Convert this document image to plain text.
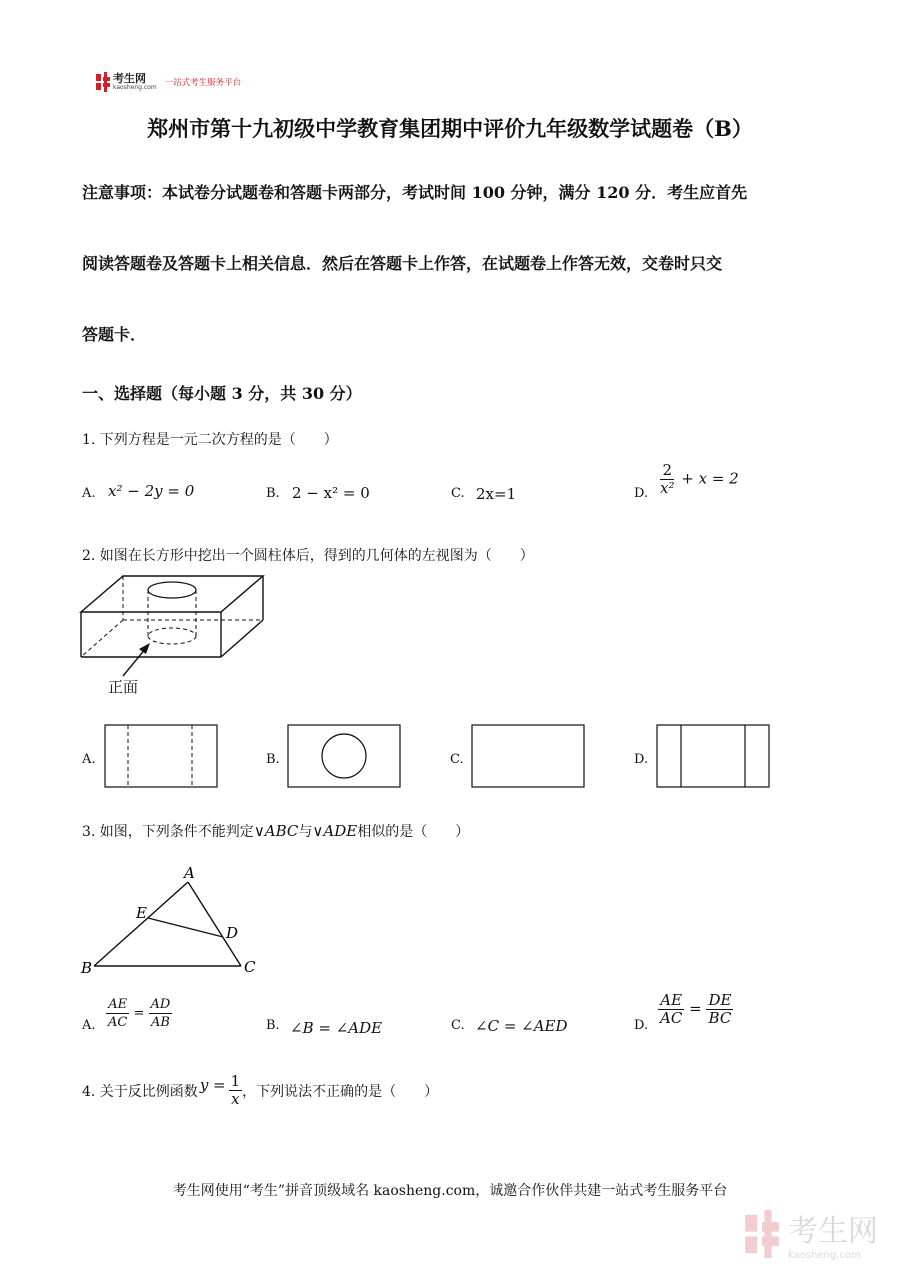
考生网
kaosheng.com 一站式考生服务平台
郑州市第十九初级中学教育集团期中评价九年级数学试题卷（B）
注意事项：本试卷分试题卷和答题卡两部分，考试时间 100 分钟，满分 120 分．考生应首先
阅读答题卷及答题卡上相关信息．然后在答题卡上作答，在试题卷上作答无效，交卷时只交
答题卡．
一、选择题（每小题 3 分，共 30 分）
1. 下列方程是一元二次方程的是（　　）
A. x² − 2y = 0	B. 2 − x² = 0	C. 2x=1	D. $\frac{2}{\text{x²}} + x = 2$
2. 如图在长方形中挖出一个圆柱体后，得到的几何体的左视图为（　　）
正面
A.	B.	C.	D.
3. 如图，下列条件不能判定∨ABC与∨ADE相似的是（　　）
A
E
D
B	C
A. $\frac{AE}{AC} = \frac{AD}{AB}$	B. ∠B = ∠ADE	C. ∠C = ∠AED	D. $\frac{AE}{AC} = \frac{DE}{BC}$
4. 关于反比例函数 $y = \frac{1}{x}$ ，下列说法不正确的是（　　）
考生网使用“考生”拼音顶级域名 kaosheng.com，诚邀合作伙伴共建一站式考生服务平台
考生网
kaosheng.com
